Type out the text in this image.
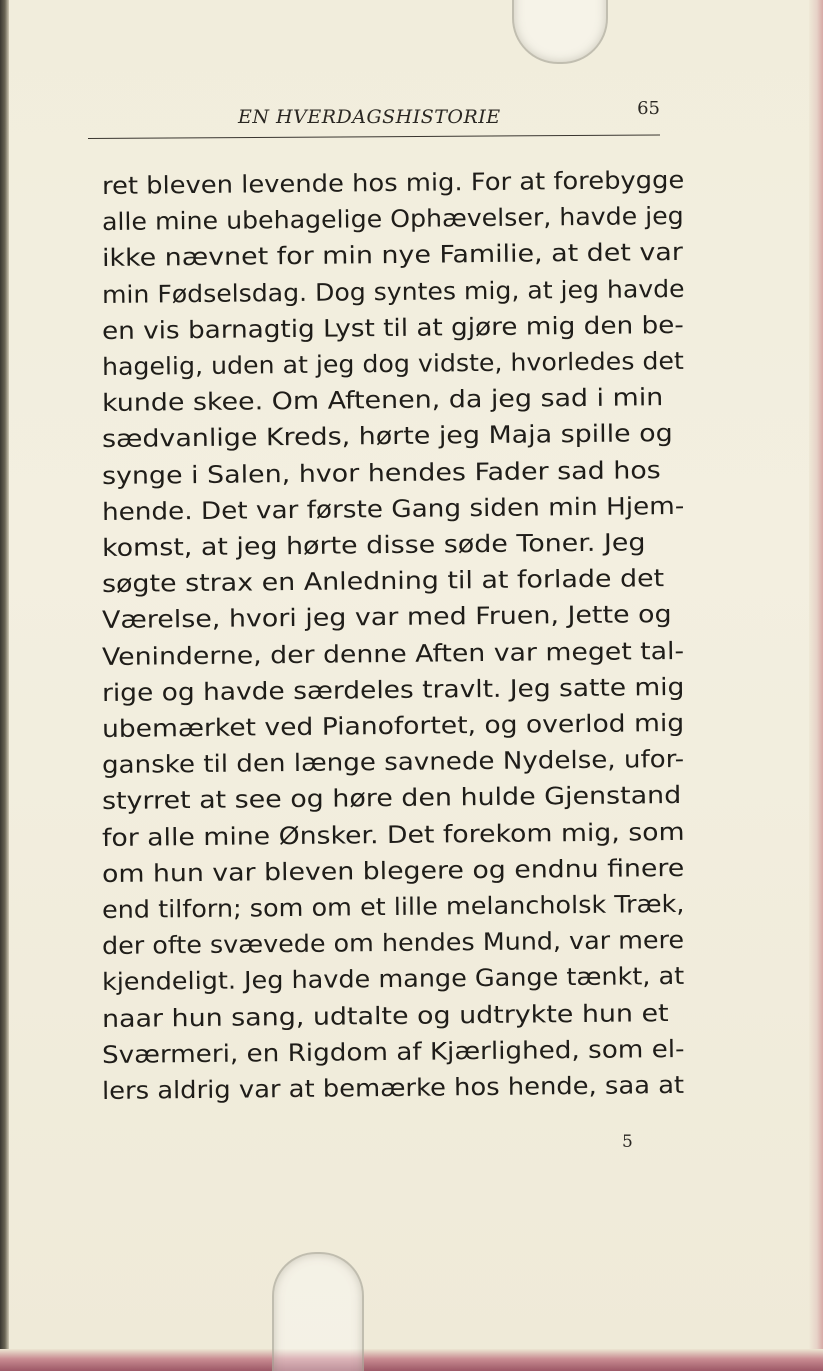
EN HVERDAGSHISTORIE	65
ret bleven levende hos mig. For at forebygge
alle mine ubehagelige Ophævelser, havde jeg
ikke nævnet for min nye Familie, at det var
min Fødselsdag. Dog syntes mig, at jeg havde
en vis barnagtig Lyst til at gjøre mig den be-
hagelig, uden at jeg dog vidste, hvorledes det
kunde skee. Om Aftenen, da jeg sad i min
sædvanlige Kreds, hørte jeg Maja spille og
synge i Salen, hvor hendes Fader sad hos
hende. Det var første Gang siden min Hjem-
komst, at jeg hørte disse søde Toner. Jeg
søgte strax en Anledning til at forlade det
Værelse, hvori jeg var med Fruen, Jette og
Veninderne, der denne Aften var meget tal-
rige og havde særdeles travlt. Jeg satte mig
ubemærket ved Pianofortet, og overlod mig
ganske til den længe savnede Nydelse, ufor-
styrret at see og høre den hulde Gjenstand
for alle mine Ønsker. Det forekom mig, som
om hun var bleven blegere og endnu finere
end tilforn; som om et lille melancholsk Træk,
der ofte svævede om hendes Mund, var mere
kjendeligt. Jeg havde mange Gange tænkt, at
naar hun sang, udtalte og udtrykte hun et
Sværmeri, en Rigdom af Kjærlighed, som el-
lers aldrig var at bemærke hos hende, saa at
5
